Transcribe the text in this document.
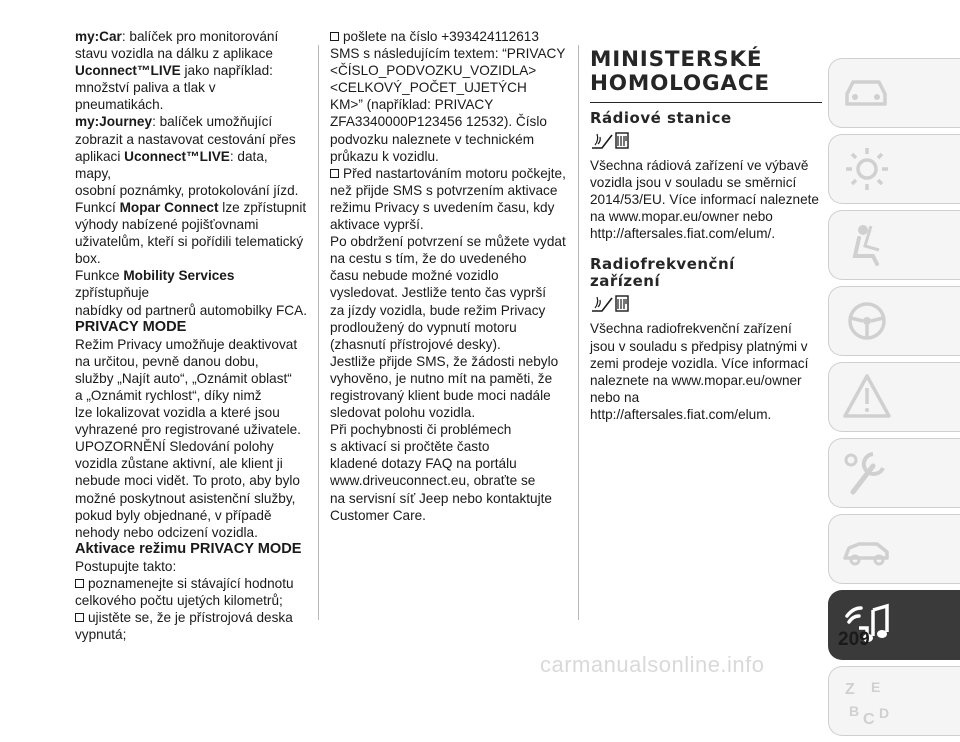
my:Car: balíček pro monitorování

stavu vozidla na dálku z aplikace

Uconnect™LIVE jako například:

množství paliva a tlak v pneumatikách.

my:Journey: balíček umožňující

zobrazit a nastavovat cestování přes

aplikaci Uconnect™LIVE: data, mapy,

osobní poznámky, protokolování jízd.

Funkcí Mopar Connect lze zpřístupnit

výhody nabízené pojišťovnami

uživatelům, kteří si pořídili telematický

box.

Funkce Mobility Services zpřístupňuje

nabídky od partnerů automobilky FCA.

PRIVACY MODE

Režim Privacy umožňuje deaktivovat

na určitou, pevně danou dobu,

služby „Najít auto“, „Oznámit oblast“

a „Oznámit rychlost“, díky nimž

lze lokalizovat vozidla a které jsou

vyhrazené pro registrované uživatele.

UPOZORNĚNÍ Sledování polohy

vozidla zůstane aktivní, ale klient ji

nebude moci vidět. To proto, aby bylo

možné poskytnout asistenční služby,

pokud byly objednané, v případě

nehody nebo odcizení vozidla.

Aktivace režimu PRIVACY MODE

Postupujte takto:

poznamenejte si stávající hodnotu

celkového počtu ujetých kilometrů;

ujistěte se, že je přístrojová deska

vypnutá;

pošlete na číslo +393424112613

SMS s následujícím textem: “PRIVACY

<ČÍSLO_PODVOZKU_VOZIDLA>

<CELKOVÝ_POČET_UJETÝCH

KM>” (například: PRIVACY

ZFA3340000P123456 12532). Číslo

podvozku naleznete v technickém

průkazu k vozidlu.

Před nastartováním motoru počkejte,

než přijde SMS s potvrzením aktivace

režimu Privacy s uvedením času, kdy

aktivace vyprší.

Po obdržení potvrzení se můžete vydat

na cestu s tím, že do uvedeného

času nebude možné vozidlo

vysledovat. Jestliže tento čas vyprší

za jízdy vozidla, bude režim Privacy

prodloužený do vypnutí motoru

(zhasnutí přístrojové desky).

Jestliže přijde SMS, že žádosti nebylo

vyhověno, je nutno mít na paměti, že

registrovaný klient bude moci nadále

sledovat polohu vozidla.

Při pochybnosti či problémech

s aktivací si pročtěte často

kladené dotazy FAQ na portálu

www.driveuconnect.eu, obraťte se

na servisní síť Jeep nebo kontaktujte

Customer Care.

MINISTERSKÉ
HOMOLOGACE

Rádiové stanice

Všechna rádiová zařízení ve výbavě

vozidla jsou v souladu se směrnicí

2014/53/EU. Více informací naleznete

na www.mopar.eu/owner nebo

http://aftersales.fiat.com/elum/.

Radiofrekvenční
zařízení

Všechna radiofrekvenční zařízení

jsou v souladu s předpisy platnými v

zemi prodeje vozidla. Více informací

naleznete na www.mopar.eu/owner

nebo na http://aftersales.fiat.com/elum.

Z E
B C D
209
carmanualsonline.info
